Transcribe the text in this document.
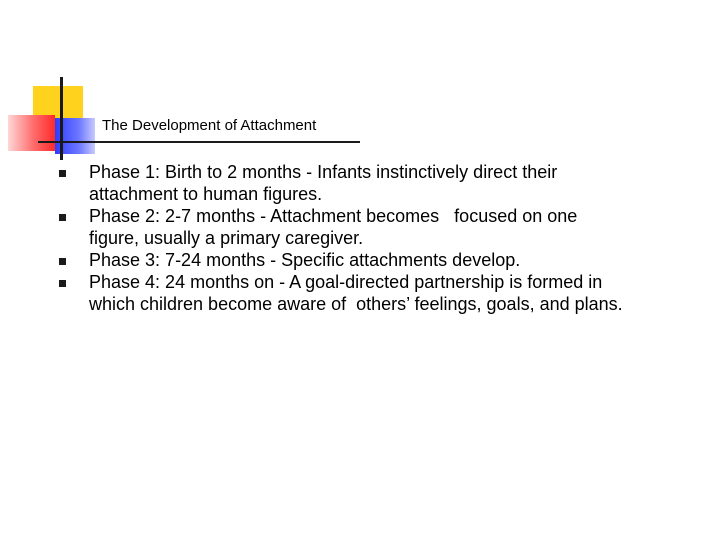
The Development of Attachment
Phase 1: Birth to 2 months - Infants instinctively direct their
attachment to human figures.
Phase 2: 2-7 months - Attachment becomes   focused on one
figure, usually a primary caregiver.
Phase 3: 7-24 months - Specific attachments develop.
Phase 4: 24 months on - A goal-directed partnership is formed in
which children become aware of  others’ feelings, goals, and plans.
